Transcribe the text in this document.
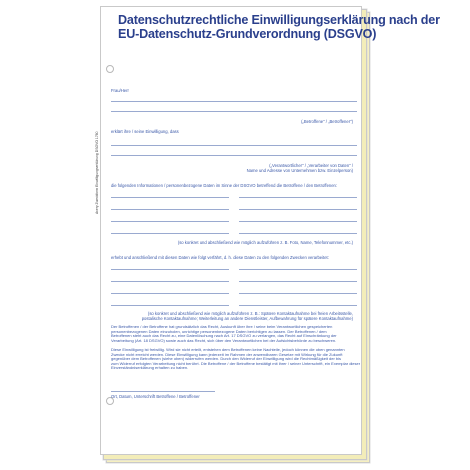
Datenschutzrechtliche Einwilligungserklärung nach der
EU-Datenschutz-Grundverordnung (DSGVO)
Avery Zweckform Einwilligungserklärung DSGVO 1780
Frau/Herr
(„Betroffene" / „Betroffener")
erklärt ihre / seine Einwilligung, dass
(„Verantwortlicher" / „Verarbeiter von Daten" /
Name und Adresse von Unternehmen bzw. Einzelperson)
die folgenden Informationen / personenbezogene Daten im Sinne der DSGVO betreffend die Betroffene / den Betroffenen:
(so konkret und abschließend wie möglich aufzuführen z. B. Foto, Name, Telefonnummer, etc.)
erhebt und anschließend mit diesen Daten wie folgt verfährt, d. h. diese Daten zu den folgenden Zwecken verarbeitet:
(so konkret und abschließend wie möglich aufzuführen z. B.: Spätere Kontaktaufnahme bei freien Arbeitsstelle,
postalische Kontaktaufnahme; Weiterleitung an andere Dienstleister, Aufbewahrung für spätere Kontaktaufnahme)
Der Betroffenen / der Betroffene hat grundsätzlich das Recht, Auskunft über ihre / seine beim Verantwortlichen gespeicherten
personenbezogenen Daten einzuholen, unrichtige personenbezogene Daten berichtigen zu lassen. Der Betroffenen / dem
Betroffenen steht auch das Recht zu, eine Datenlöschung nach Art. 17 DSGVO zu verlangen, das Recht auf Einschränkung der
Verarbeitung (Art. 18 DSGVO) sowie auch das Recht, sich über den Verantwortlichen bei der Aufsichtsbehörde zu beschweren.
Diese Einwilligung ist freiwillig. Wird sie nicht erteilt, entstehen dem Betroffenen keine Nachteile, jedoch können die oben genannten
Zwecke nicht erreicht werden. Diese Einwilligung kann jederzeit im Rahmen der anwendbaren Gesetze mit Wirkung für die Zukunft
gegenüber dem Betroffenen (siehe oben) widerrufen werden. Durch den Widerruf der Einwilligung wird die Rechtmäßigkeit der bis
zum Widerruf erfolgten Verarbeitung nicht berührt. Die Betroffene / der Betroffene bestätigt mit ihrer / seiner Unterschrift, ein Exemplar dieser
Einverständniserklärung erhalten zu haben.
Ort, Datum, Unterschrift Betroffene / Betroffener
